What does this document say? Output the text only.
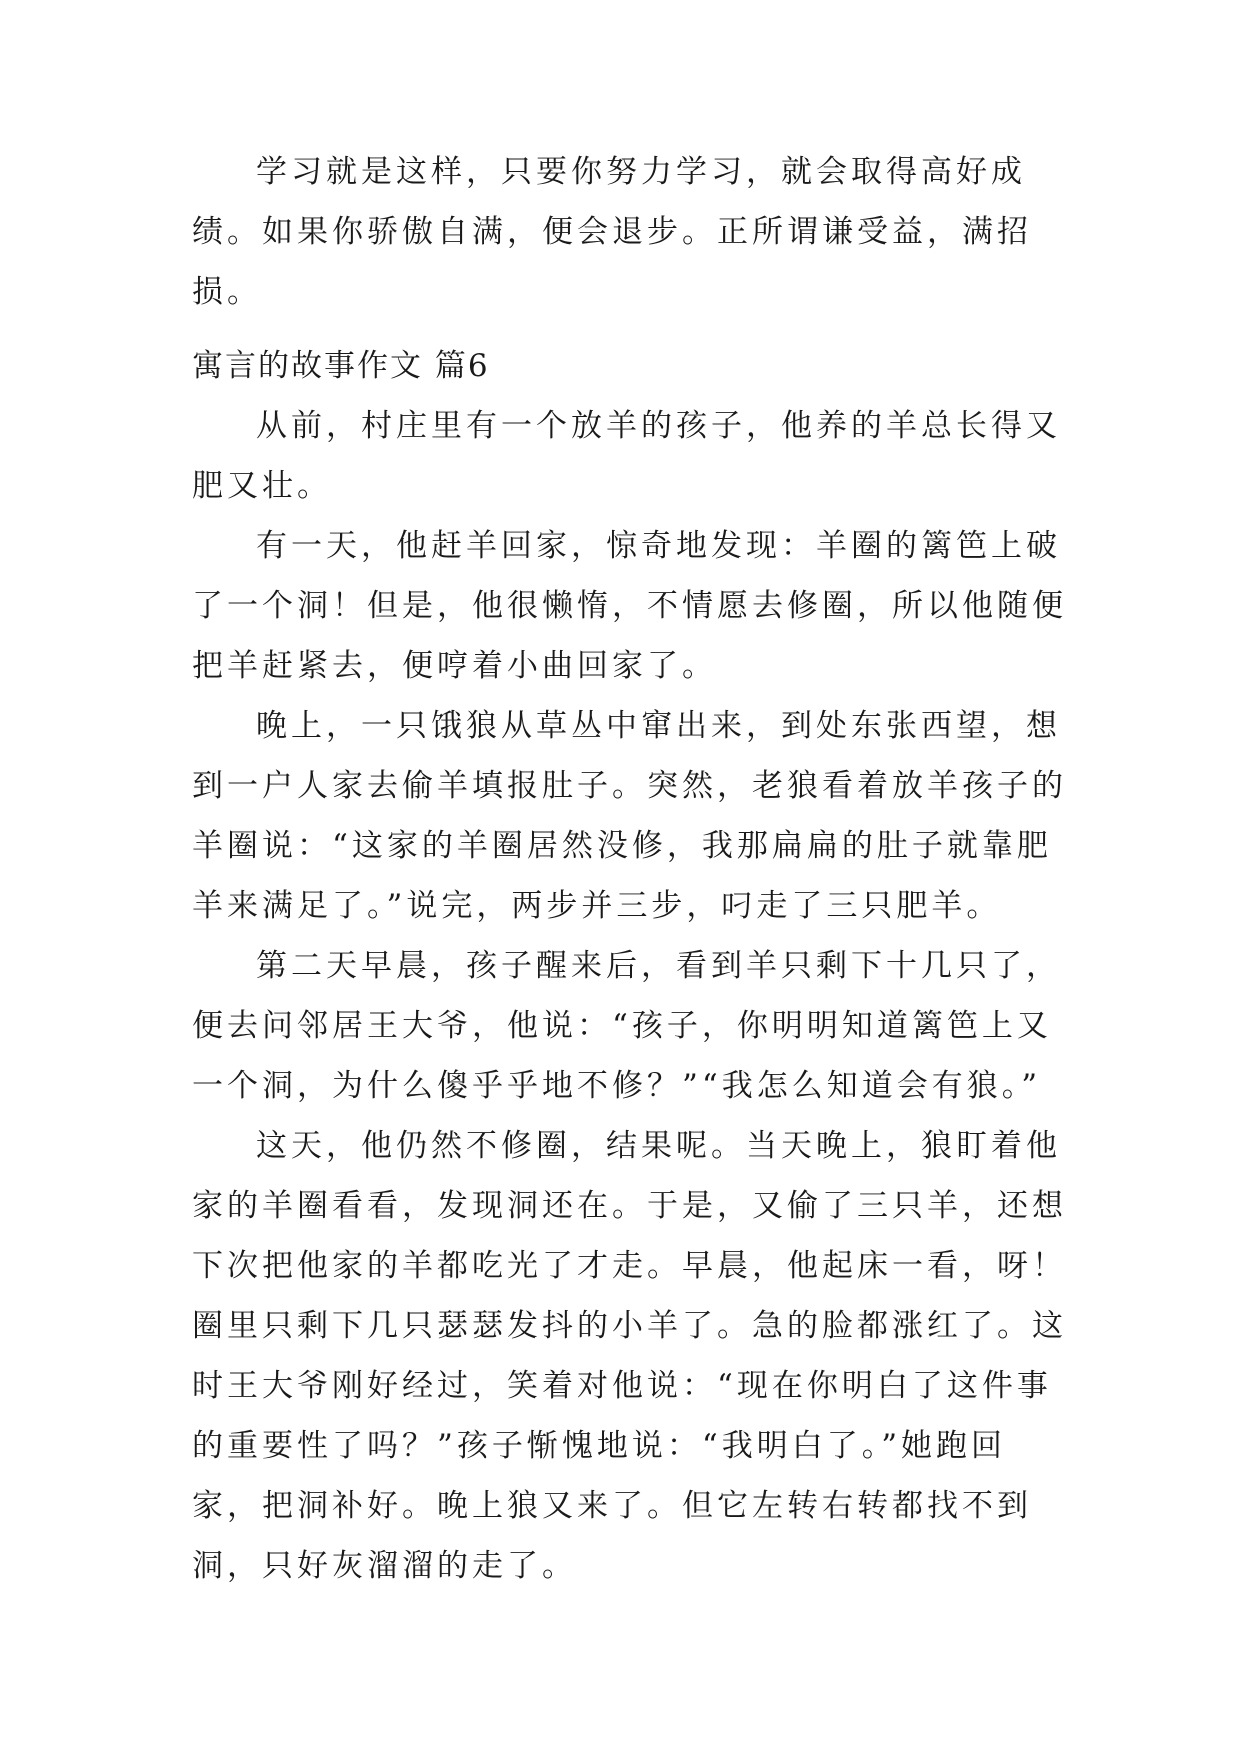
学习就是这样，只要你努力学习，就会取得高好成绩。如果你骄傲自满，便会退步。正所谓谦受益，满招损。

寓言的故事作文 篇6

从前，村庄里有一个放羊的孩子，他养的羊总长得又肥又壮。

有一天，他赶羊回家，惊奇地发现：羊圈的篱笆上破了一个洞！但是，他很懒惰，不情愿去修圈，所以他随便把羊赶紧去，便哼着小曲回家了。

晚上，一只饿狼从草丛中窜出来，到处东张西望，想到一户人家去偷羊填报肚子。突然，老狼看着放羊孩子的羊圈说：“这家的羊圈居然没修，我那扁扁的肚子就靠肥羊来满足了。”说完，两步并三步，叼走了三只肥羊。

第二天早晨，孩子醒来后，看到羊只剩下十几只了，便去问邻居王大爷，他说：“孩子，你明明知道篱笆上又一个洞，为什么傻乎乎地不修？”“我怎么知道会有狼。”

这天，他仍然不修圈，结果呢。当天晚上，狼盯着他家的羊圈看看，发现洞还在。于是，又偷了三只羊，还想下次把他家的羊都吃光了才走。早晨，他起床一看，呀！圈里只剩下几只瑟瑟发抖的小羊了。急的脸都涨红了。这时王大爷刚好经过，笑着对他说：“现在你明白了这件事的重要性了吗？”孩子惭愧地说：“我明白了。”她跑回家，把洞补好。晚上狼又来了。但它左转右转都找不到洞，只好灰溜溜的走了。
